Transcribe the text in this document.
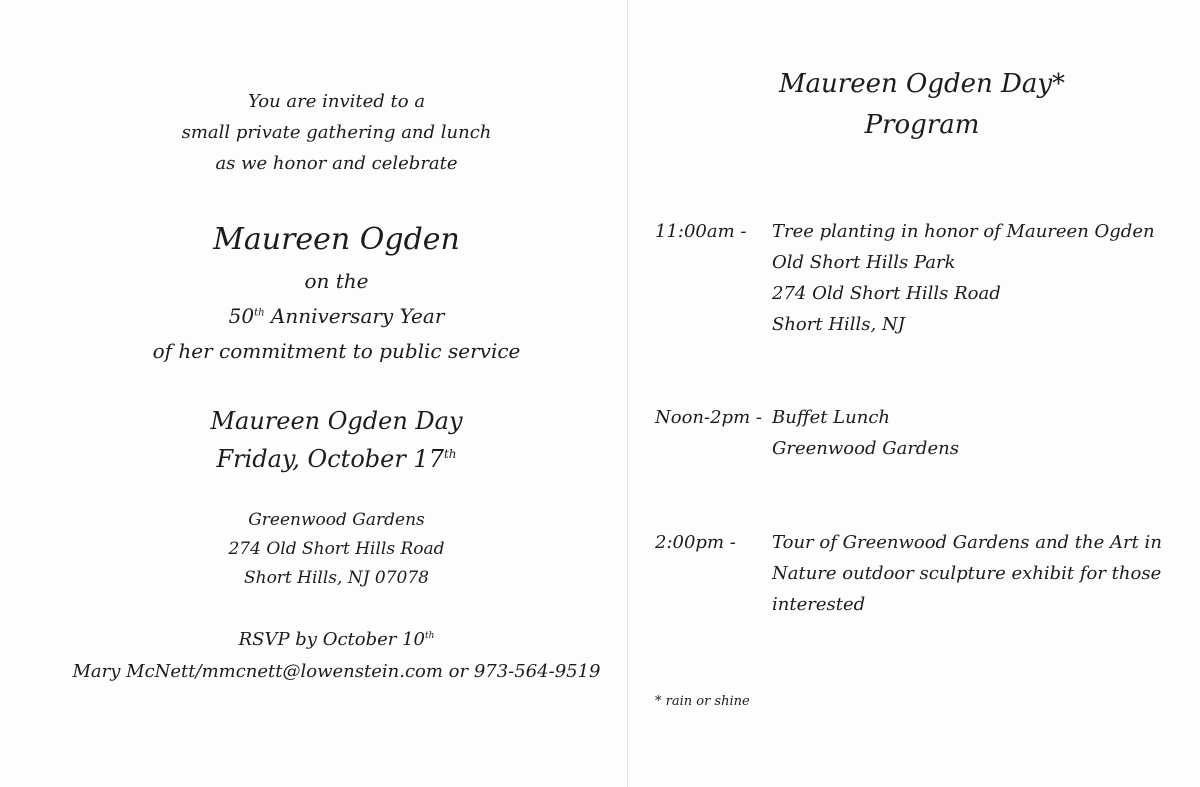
You are invited to a
small private gathering and lunch
as we honor and celebrate
Maureen Ogden
on the
50th Anniversary Year
of her commitment to public service
Maureen Ogden Day
Friday, October 17th
Greenwood Gardens
274 Old Short Hills Road
Short Hills, NJ 07078
RSVP by October 10th
Mary McNett/mmcnett@lowenstein.com or 973-564-9519
Maureen Ogden Day*
Program
11:00am - Tree planting in honor of Maureen Ogden
Old Short Hills Park
274 Old Short Hills Road
Short Hills, NJ
Noon-2pm - Buffet Lunch
Greenwood Gardens
2:00pm - Tour of Greenwood Gardens and the Art in
Nature outdoor sculpture exhibit for those
interested
* rain or shine
